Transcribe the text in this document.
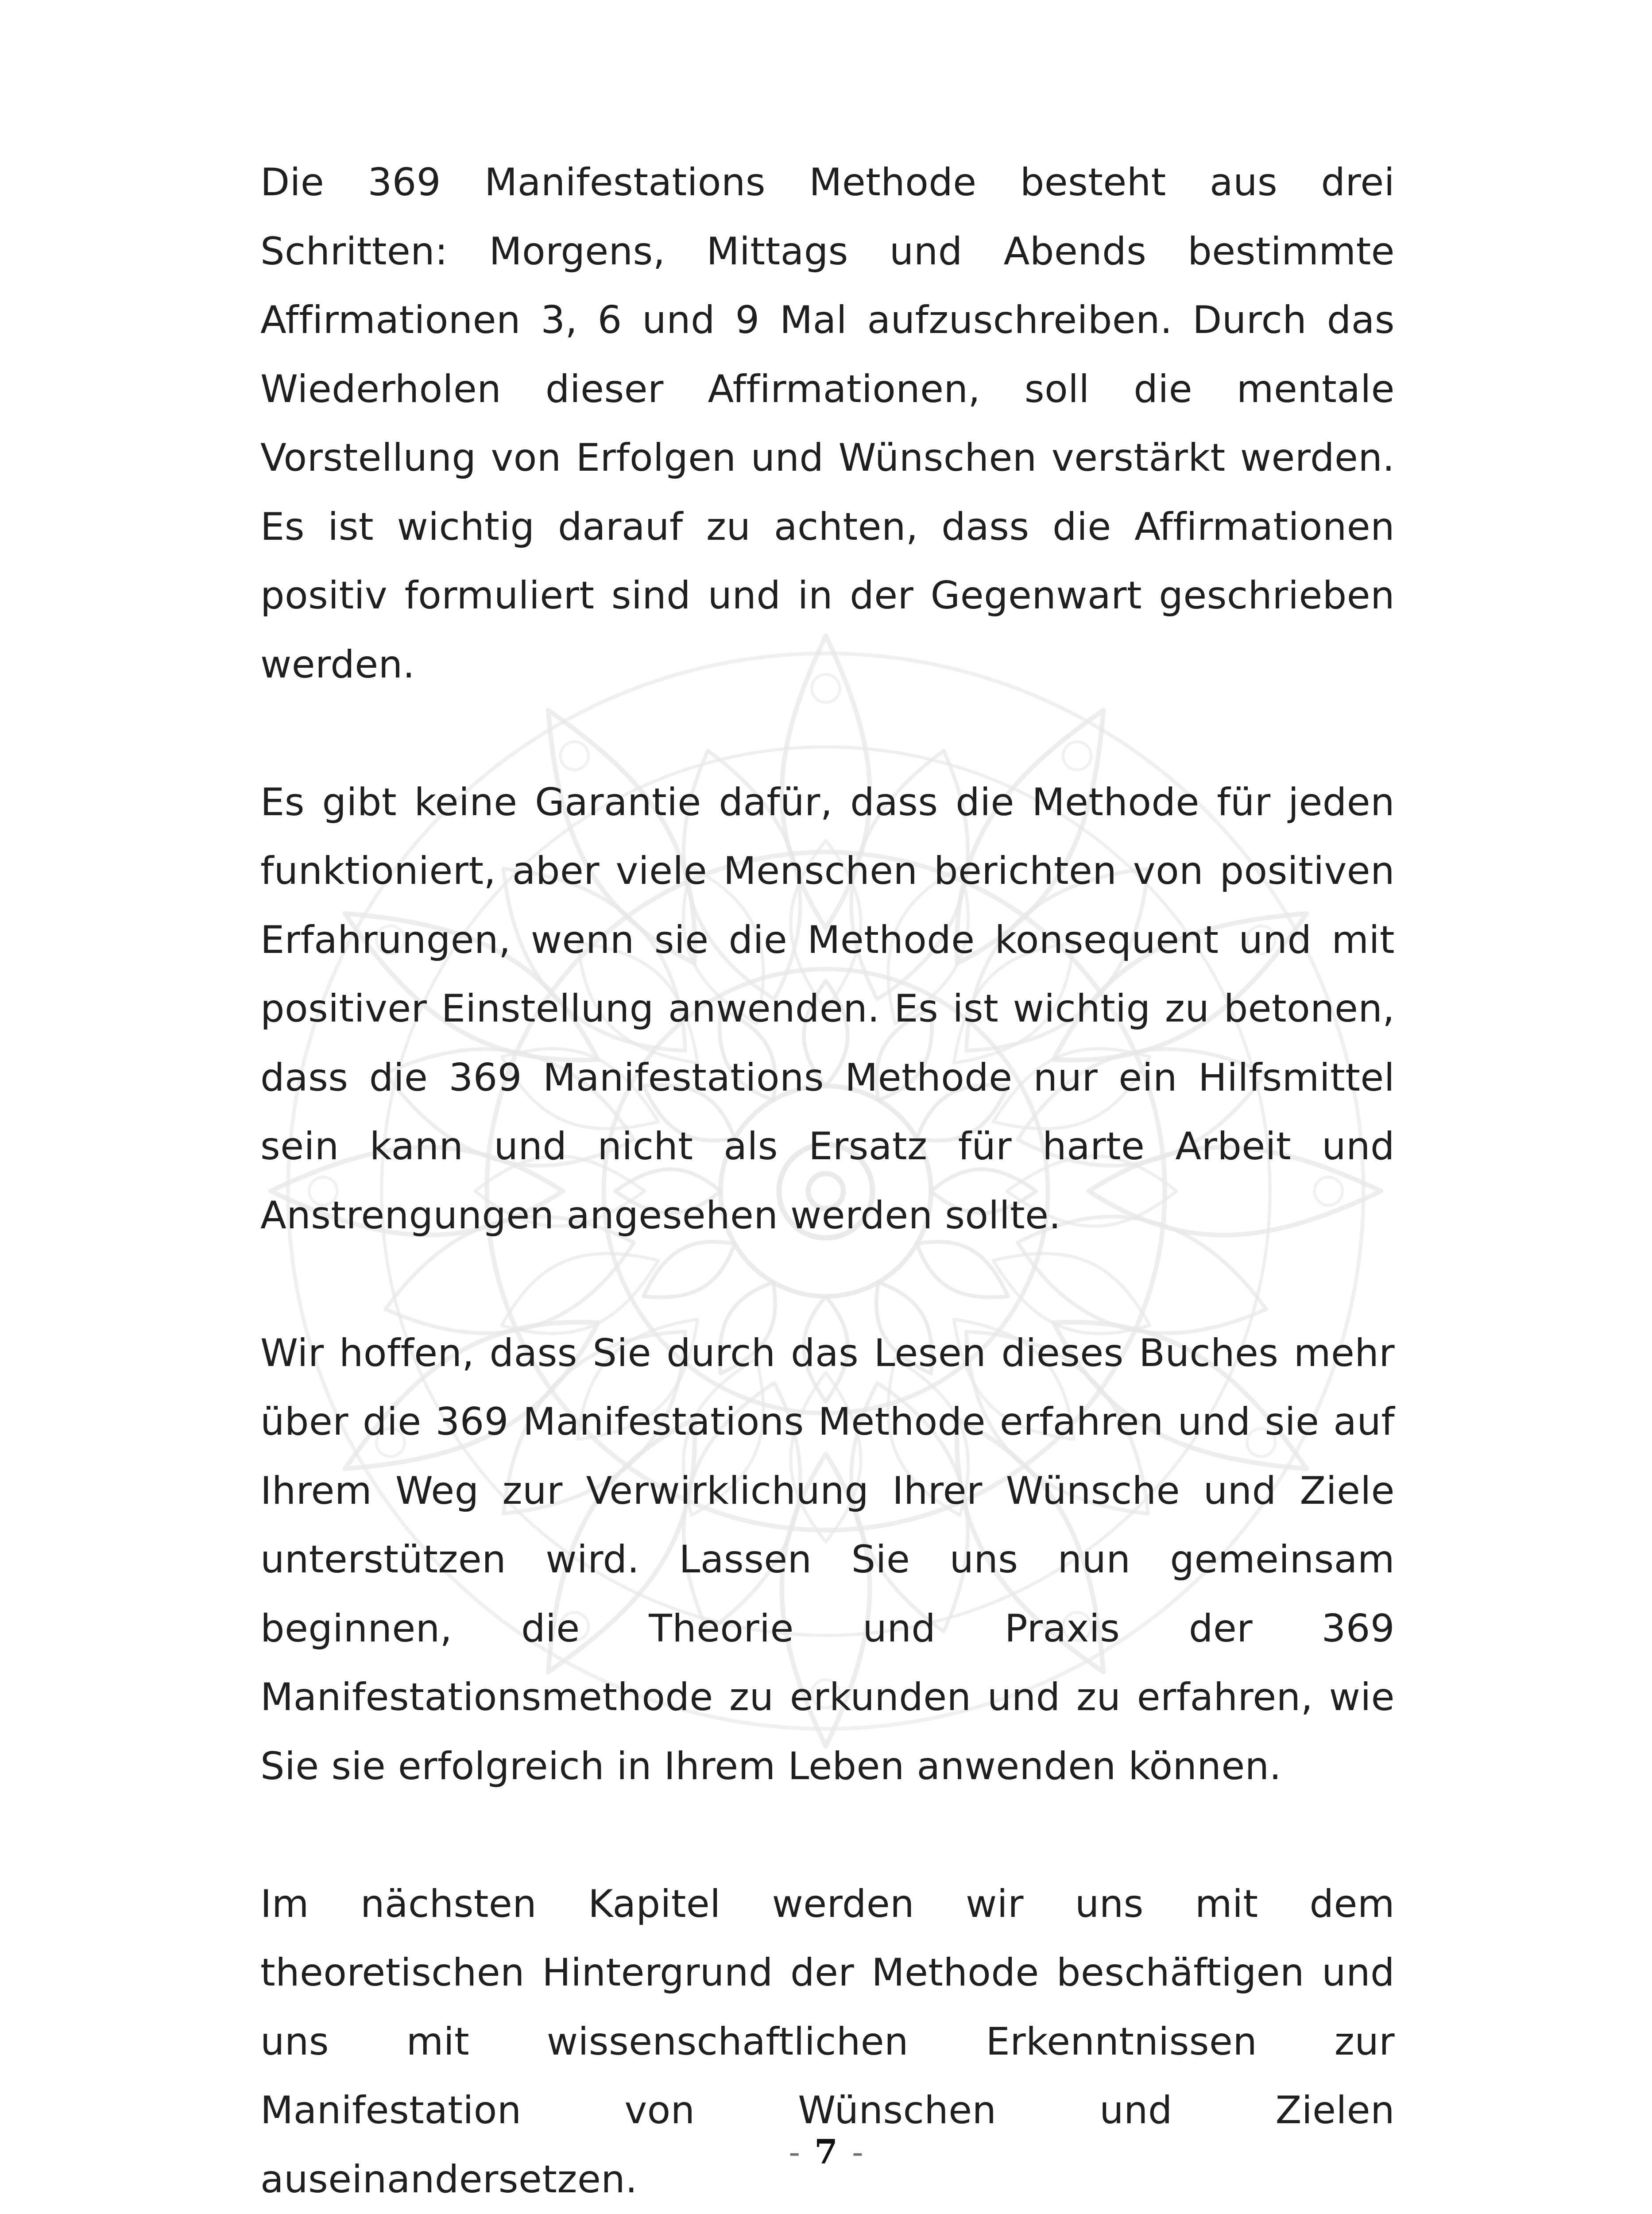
Die 369 Manifestations Methode besteht aus drei Schritten: Morgens, Mittags und Abends bestimmte Affirmationen 3, 6 und 9 Mal aufzuschreiben. Durch das Wiederholen dieser Affirmationen, soll die mentale Vorstellung von Erfolgen und Wünschen verstärkt werden. Es ist wichtig darauf zu achten, dass die Affirmationen positiv formuliert sind und in der Gegenwart geschrieben werden.

Es gibt keine Garantie dafür, dass die Methode für jeden funktioniert, aber viele Menschen berichten von positiven Erfahrungen, wenn sie die Methode konsequent und mit positiver Einstellung anwenden. Es ist wichtig zu betonen, dass die 369 Manifestations Methode nur ein Hilfsmittel sein kann und nicht als Ersatz für harte Arbeit und Anstrengungen angesehen werden sollte.

Wir hoffen, dass Sie durch das Lesen dieses Buches mehr über die 369 Manifestations Methode erfahren und sie auf Ihrem Weg zur Verwirklichung Ihrer Wünsche und Ziele unterstützen wird. Lassen Sie uns nun gemeinsam beginnen, die Theorie und Praxis der 369 Manifestationsmethode zu erkunden und zu erfahren, wie Sie sie erfolgreich in Ihrem Leben anwenden können.

Im nächsten Kapitel werden wir uns mit dem theoretischen Hintergrund der Methode beschäftigen und uns mit wissenschaftlichen Erkenntnissen zur Manifestation von Wünschen und Zielen auseinandersetzen.

- 7 -
